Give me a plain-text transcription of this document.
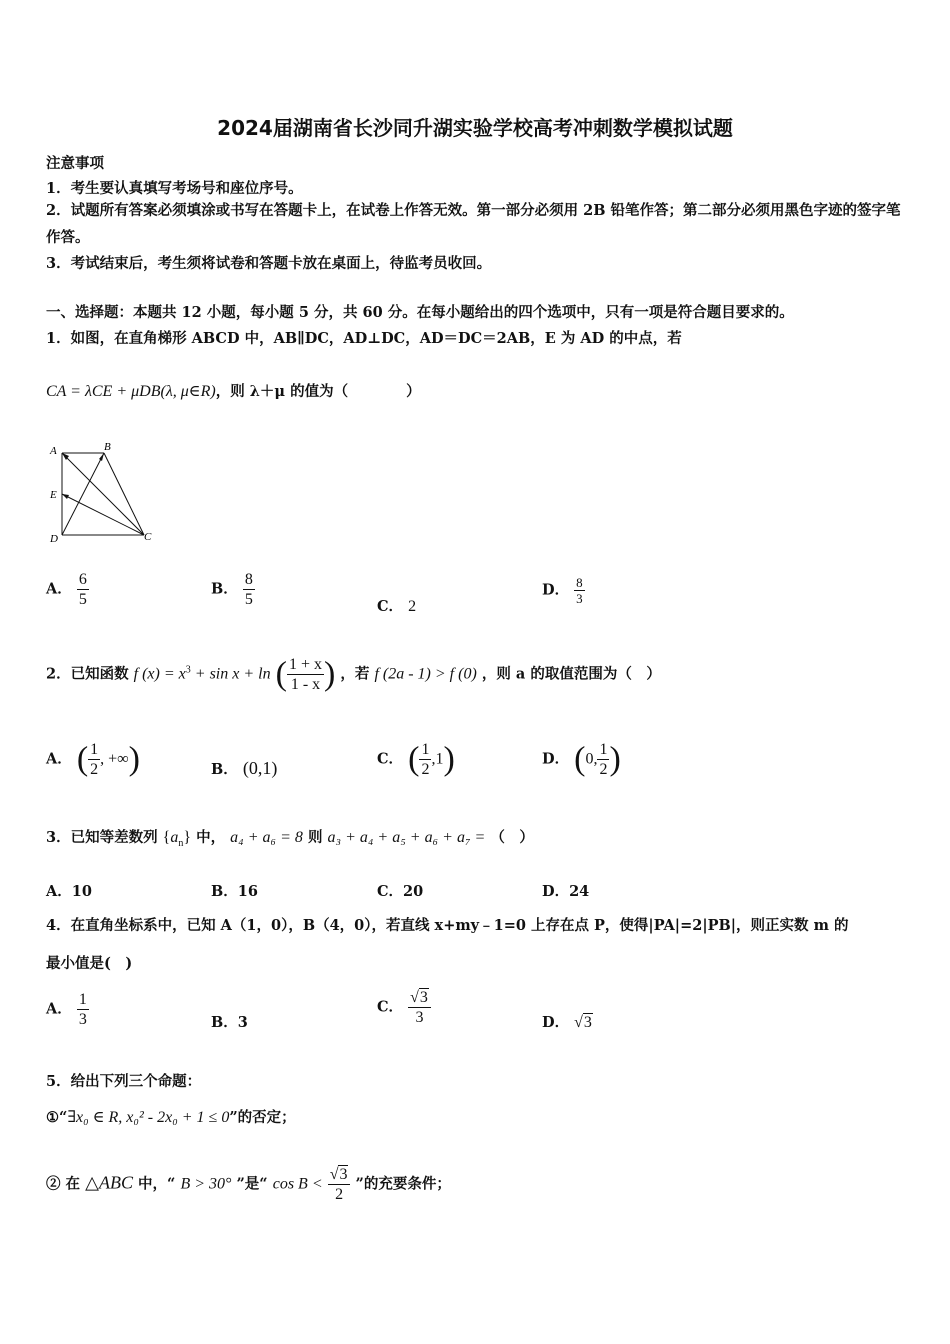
2024届湖南省长沙同升湖实验学校高考冲刺数学模拟试题
注意事项
1．考生要认真填写考场号和座位序号。
2．试题所有答案必须填涂或书写在答题卡上，在试卷上作答无效。第一部分必须用 2B 铅笔作答；第二部分必须用黑色字迹的签字笔作答。
3．考试结束后，考生须将试卷和答题卡放在桌面上，待监考员收回。
一、选择题：本题共 12 小题，每小题 5 分，共 60 分。在每小题给出的四个选项中，只有一项是符合题目要求的。
1．如图，在直角梯形 ABCD 中，AB∥DC，AD⊥DC，AD＝DC＝2AB，E 为 AD 的中点，若
CA = λCE + μDB(λ, μ∈R)，则 λ＋μ 的值为（　　　　）
A	B
E
D	C
A． $\frac{6}{5}$	B． $\frac{8}{5}$	C． 2
D． $\frac{8}{3}$
2．已知函数 f $(x) = x^3 + \sin x + \ln$ ( $\frac{1 + x}{1 - x}$ ) ，若 f (2a - 1) > f (0) ，则 a 的取值范围为（　）
A． ( $\frac{1}{2}$ , +∞)	B． (0,1)	C． ( $\frac{1}{2} ,1$)	D． (0, $\frac{1}{2}$ )
3．已知等差数列 $\{a_n\}$ 中， a₄ + a₆ = 8 则 a₃ + a₄ + a₅ + a₆ + a₇ = （　）
A．10	B．16	C．20	D．24
4．在直角坐标系中，已知 A（1，0），B（4，0），若直线 x+my﹣1=0 上存在点 P，使得|PA|=2|PB|，则正实数 m 的
最小值是(　)
A． $\frac{1}{3}$	B．3
C． $\frac{√3}{3}$	D． √3
5．给出下列三个命题：
①“∃x₀ ∈ R, x₀² - 2x₀ + 1 ≤ 0”的否定；
② 在 △ABC 中，“ B > 30° ”是“ $\cos B < \frac{√3}{2}$ ”的充要条件；
